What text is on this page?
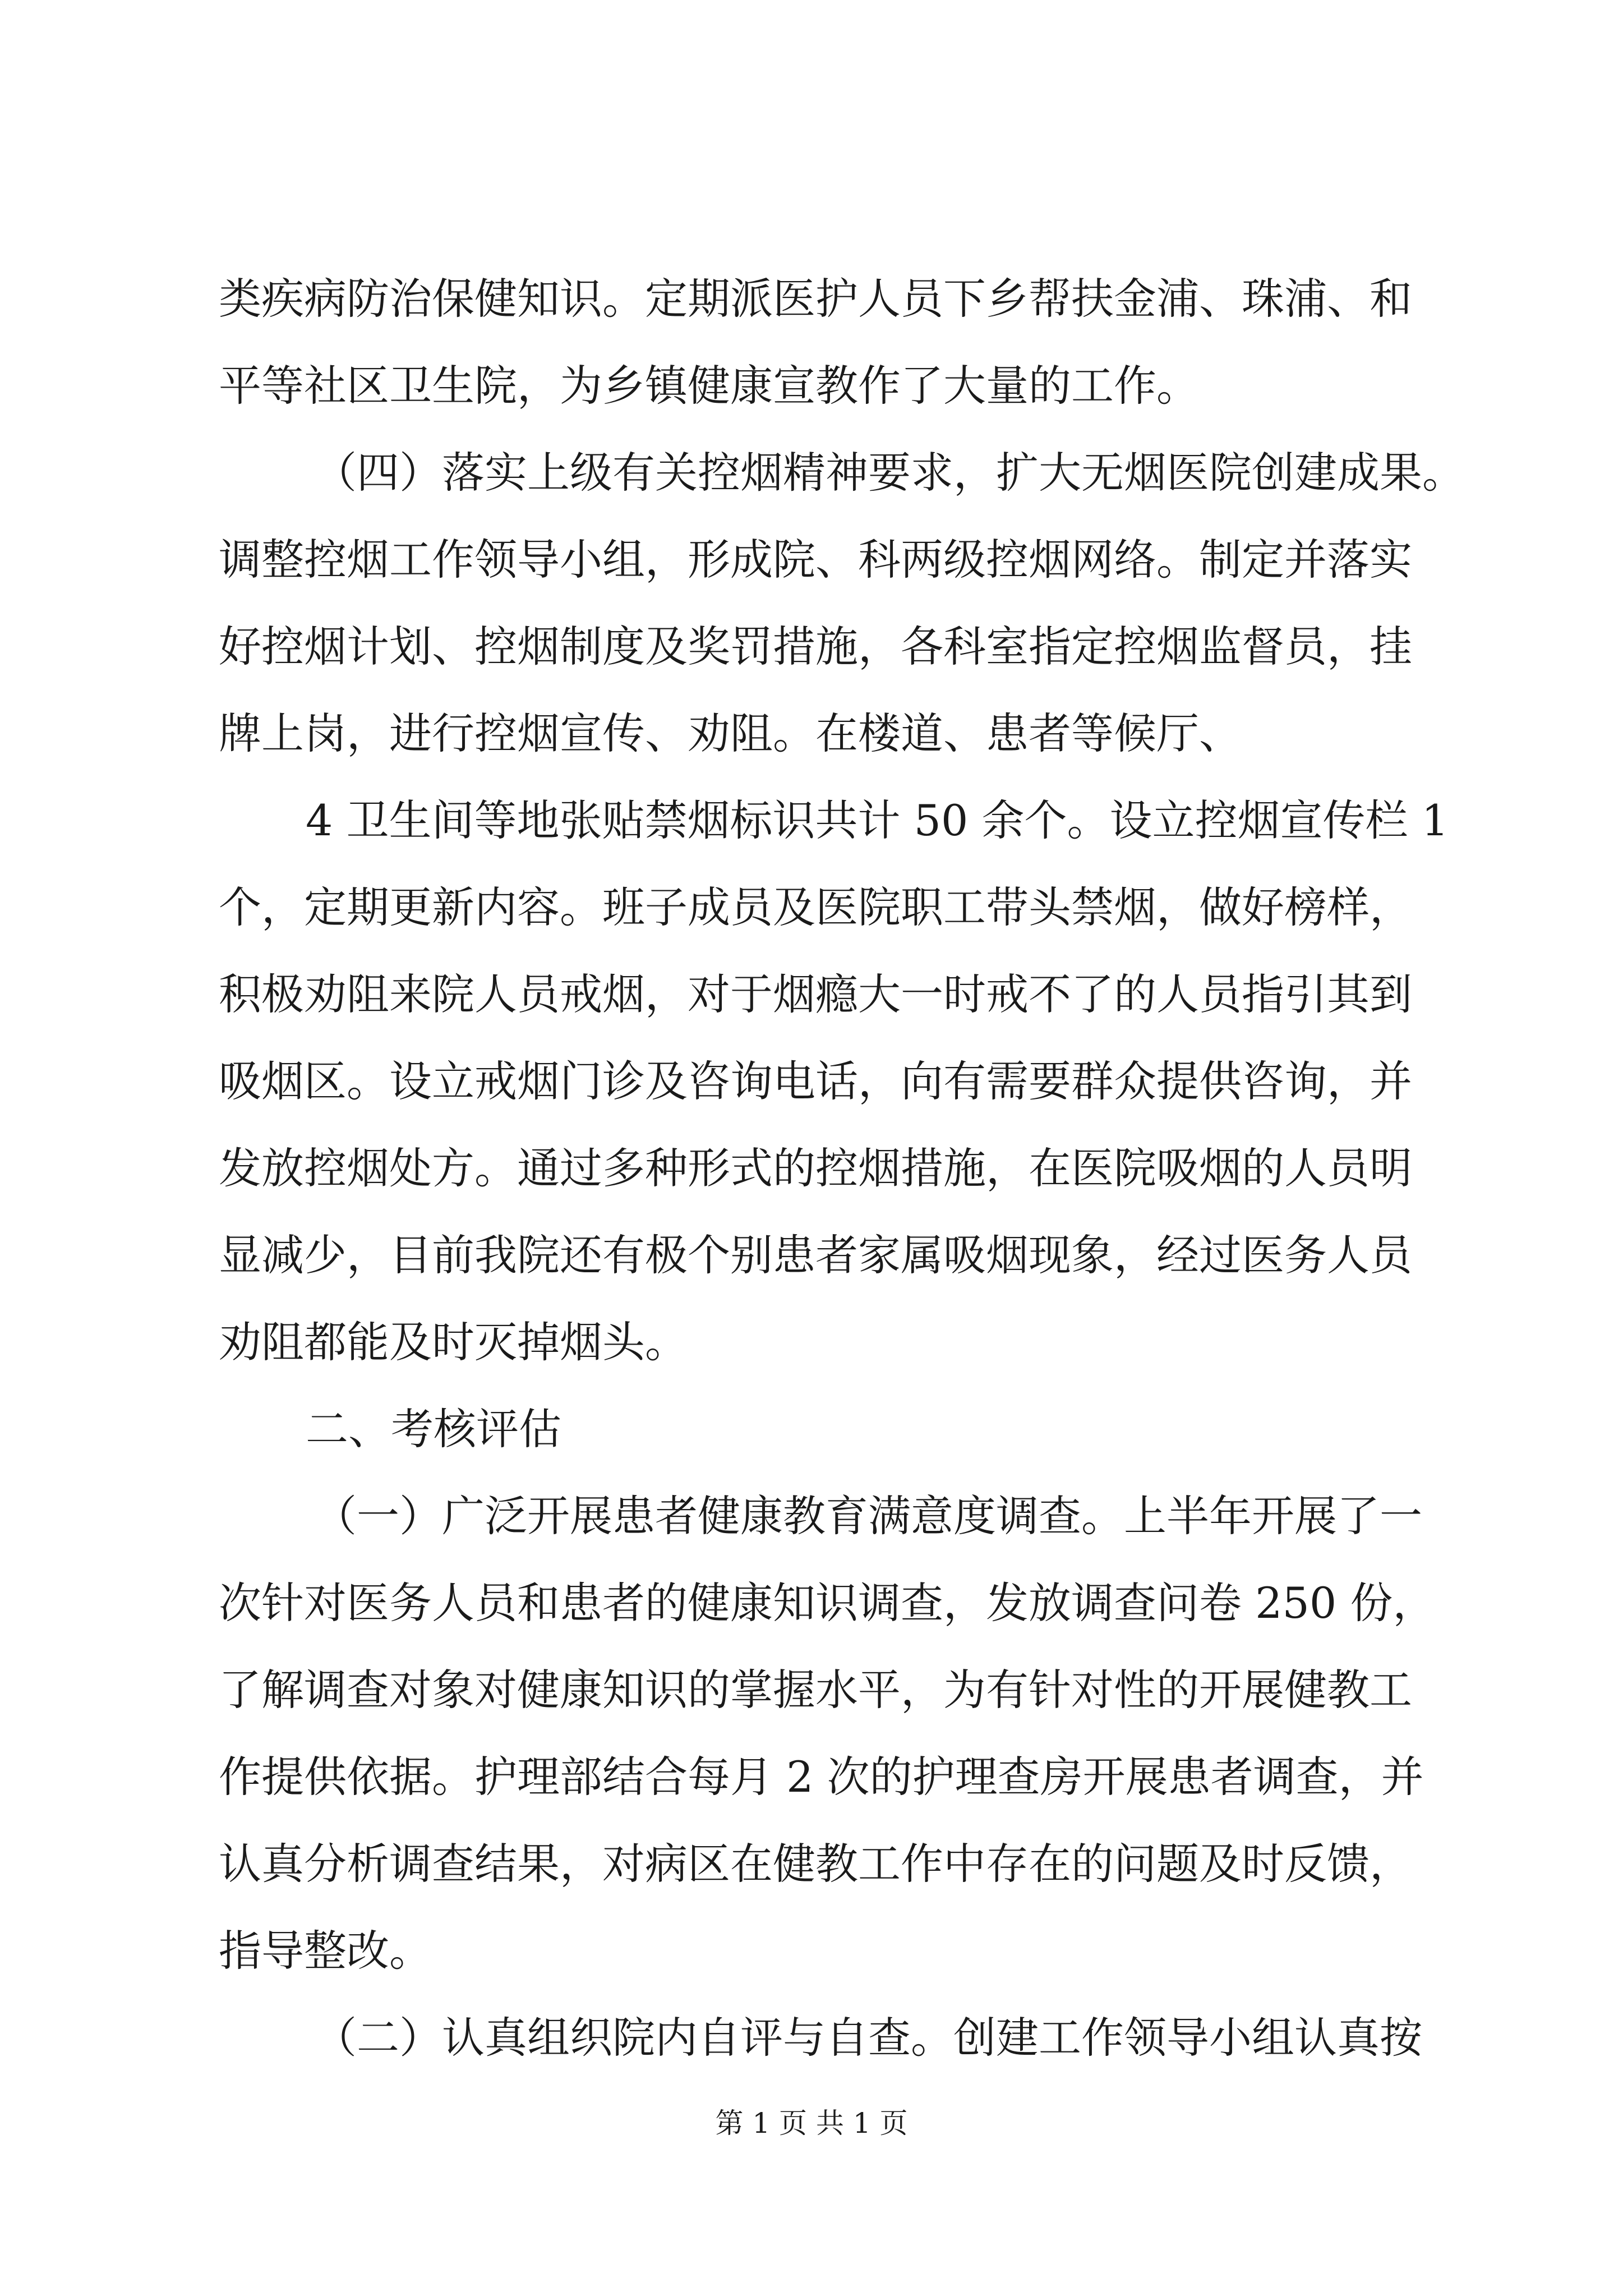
类疾病防治保健知识。定期派医护人员下乡帮扶金浦、珠浦、和

平等社区卫生院，为乡镇健康宣教作了大量的工作。

（四）落实上级有关控烟精神要求，扩大无烟医院创建成果。

调整控烟工作领导小组，形成院、科两级控烟网络。制定并落实

好控烟计划、控烟制度及奖罚措施，各科室指定控烟监督员，挂

牌上岗，进行控烟宣传、劝阻。在楼道、患者等候厅、

4 卫生间等地张贴禁烟标识共计 50 余个。设立控烟宣传栏 1

个，定期更新内容。班子成员及医院职工带头禁烟，做好榜样，

积极劝阻来院人员戒烟，对于烟瘾大一时戒不了的人员指引其到

吸烟区。设立戒烟门诊及咨询电话，向有需要群众提供咨询，并

发放控烟处方。通过多种形式的控烟措施，在医院吸烟的人员明

显减少，目前我院还有极个别患者家属吸烟现象，经过医务人员

劝阻都能及时灭掉烟头。

二、考核评估

（一）广泛开展患者健康教育满意度调查。上半年开展了一

次针对医务人员和患者的健康知识调查，发放调查问卷 250 份，

了解调查对象对健康知识的掌握水平，为有针对性的开展健教工

作提供依据。护理部结合每月 2 次的护理查房开展患者调查，并

认真分析调查结果，对病区在健教工作中存在的问题及时反馈，

指导整改。

（二）认真组织院内自评与自查。创建工作领导小组认真按

第 1 页 共 1 页
